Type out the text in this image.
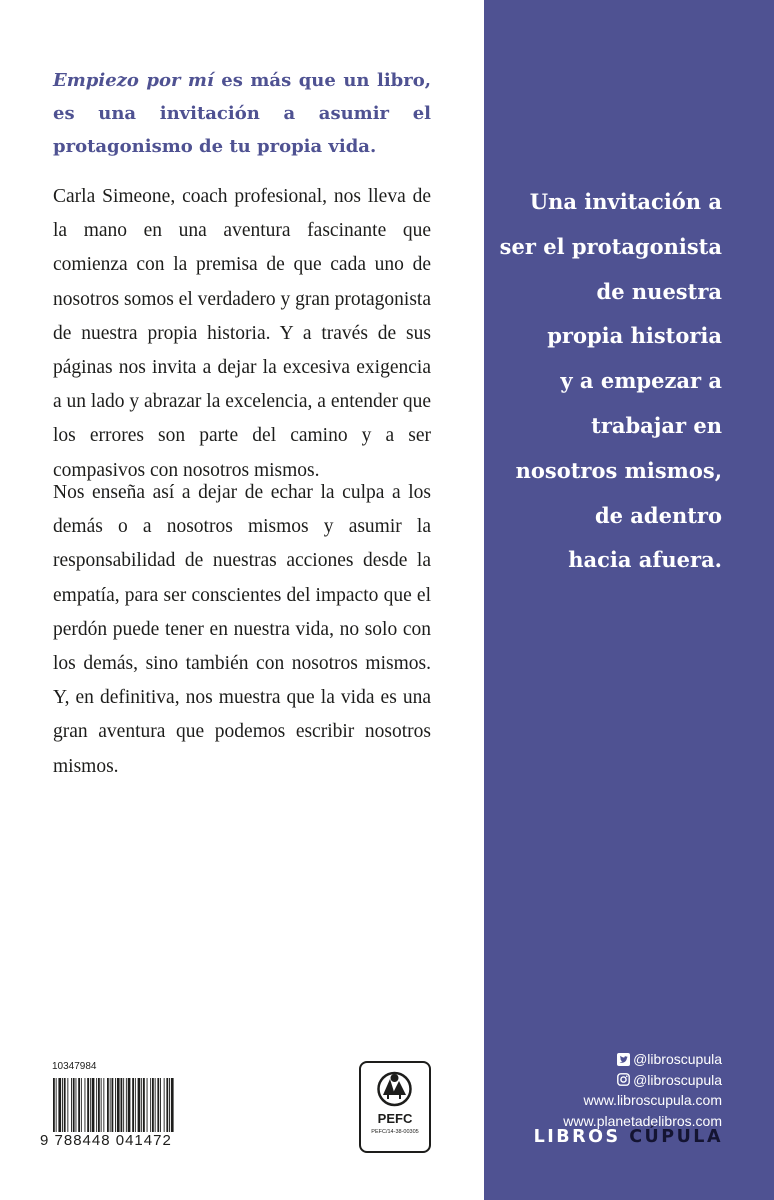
Empiezo por mí es más que un libro, es una invitación a asumir el protagonismo de tu propia vida.

Carla Simeone, coach profesional, nos lleva de la mano en una aventura fascinante que comienza con la premisa de que cada uno de nosotros somos el verdadero y gran protagonista de nuestra propia historia. Y a través de sus páginas nos invita a dejar la excesiva exigencia a un lado y abrazar la excelencia, a entender que los errores son parte del camino y a ser compasivos con nosotros mismos.

Nos enseña así a dejar de echar la culpa a los demás o a nosotros mismos y asumir la responsabilidad de nuestras acciones desde la empatía, para ser conscientes del impacto que el perdón puede tener en nuestra vida, no solo con los demás, sino también con nosotros mismos. Y, en definitiva, nos muestra que la vida es una gran aventura que podemos escribir nosotros mismos.

10347984
9 788448 041472
PEFC
PEFC/14-38-00305

Una invitación a
ser el protagonista
de nuestra
propia historia
y a empezar a
trabajar en
nosotros mismos,
de adentro
hacia afuera.

@libroscupula
@libroscupula
www.libroscupula.com
www.planetadelibros.com
LIBROS CÚPULA
